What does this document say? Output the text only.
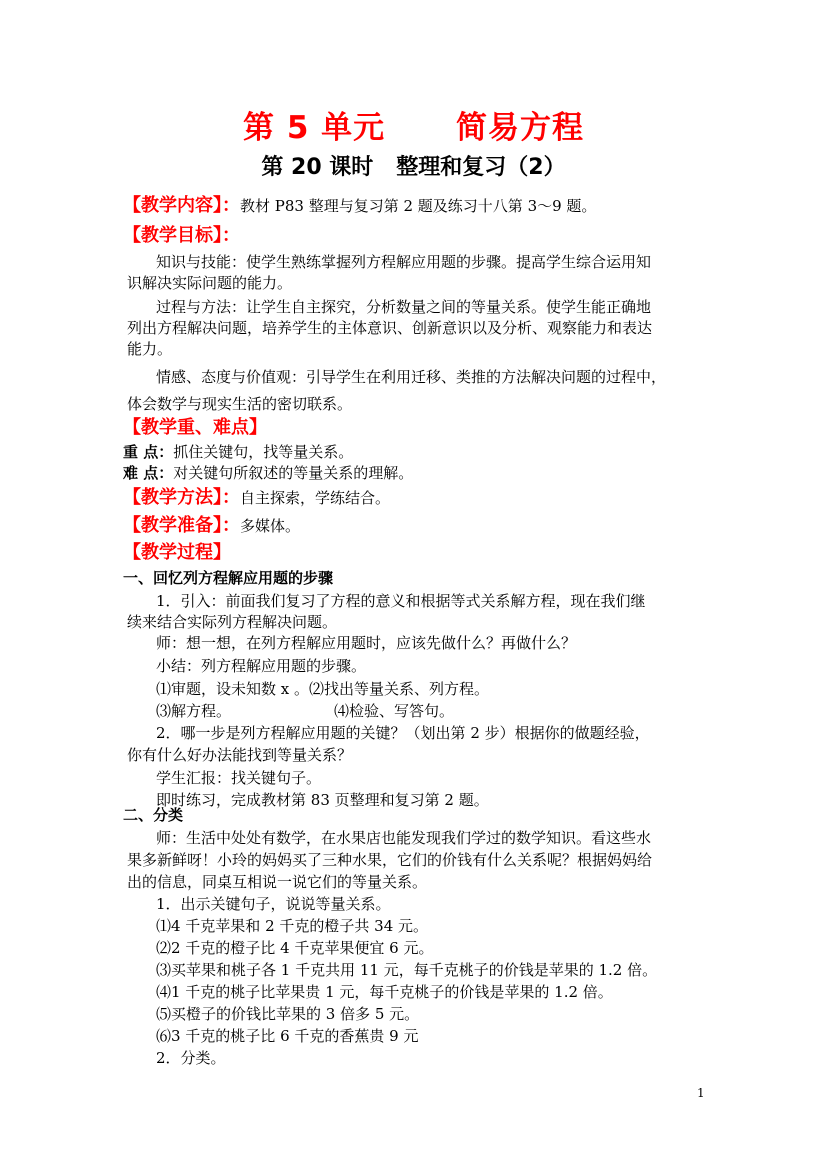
第 5 单元      简易方程
第 20 课时   整理和复习（2）
【教学内容】：教材 P83 整理与复习第 2 题及练习十八第 3～9 题。
【教学目标】：
知识与技能：使学生熟练掌握列方程解应用题的步骤。提高学生综合运用知
识解决实际问题的能力。
过程与方法：让学生自主探究，分析数量之间的等量关系。使学生能正确地
列出方程解决问题，培养学生的主体意识、创新意识以及分析、观察能力和表达
能力。
情感、态度与价值观：引导学生在利用迁移、类推的方法解决问题的过程中，
体会数学与现实生活的密切联系。
【教学重、难点】
重 点：抓住关键句，找等量关系。
难 点：对关键句所叙述的等量关系的理解。
【教学方法】：自主探索，学练结合。
【教学准备】：多媒体。
【教学过程】
一、回忆列方程解应用题的步骤
1．引入：前面我们复习了方程的意义和根据等式关系解方程，现在我们继
续来结合实际列方程解决问题。
师：想一想，在列方程解应用题时，应该先做什么？再做什么？
小结：列方程解应用题的步骤。
⑴审题，设未知数 x 。⑵找出等量关系、列方程。
⑶解方程。	⑷检验、写答句。
2．哪一步是列方程解应用题的关键？（划出第 2 步）根据你的做题经验，
你有什么好办法能找到等量关系？
学生汇报：找关键句子。
即时练习，完成教材第 83 页整理和复习第 2 题。
二、分类
师：生活中处处有数学，在水果店也能发现我们学过的数学知识。看这些水
果多新鲜呀！小玲的妈妈买了三种水果，它们的价钱有什么关系呢？根据妈妈给
出的信息，同桌互相说一说它们的等量关系。
1．出示关键句子，说说等量关系。
⑴4 千克苹果和 2 千克的橙子共 34 元。
⑵2 千克的橙子比 4 千克苹果便宜 6 元。
⑶买苹果和桃子各 1 千克共用 11 元，每千克桃子的价钱是苹果的 1.2 倍。
⑷1 千克的桃子比苹果贵 1 元，每千克桃子的价钱是苹果的 1.2 倍。
⑸买橙子的价钱比苹果的 3 倍多 5 元。
⑹3 千克的桃子比 6 千克的香蕉贵 9 元
2．分类。
1
